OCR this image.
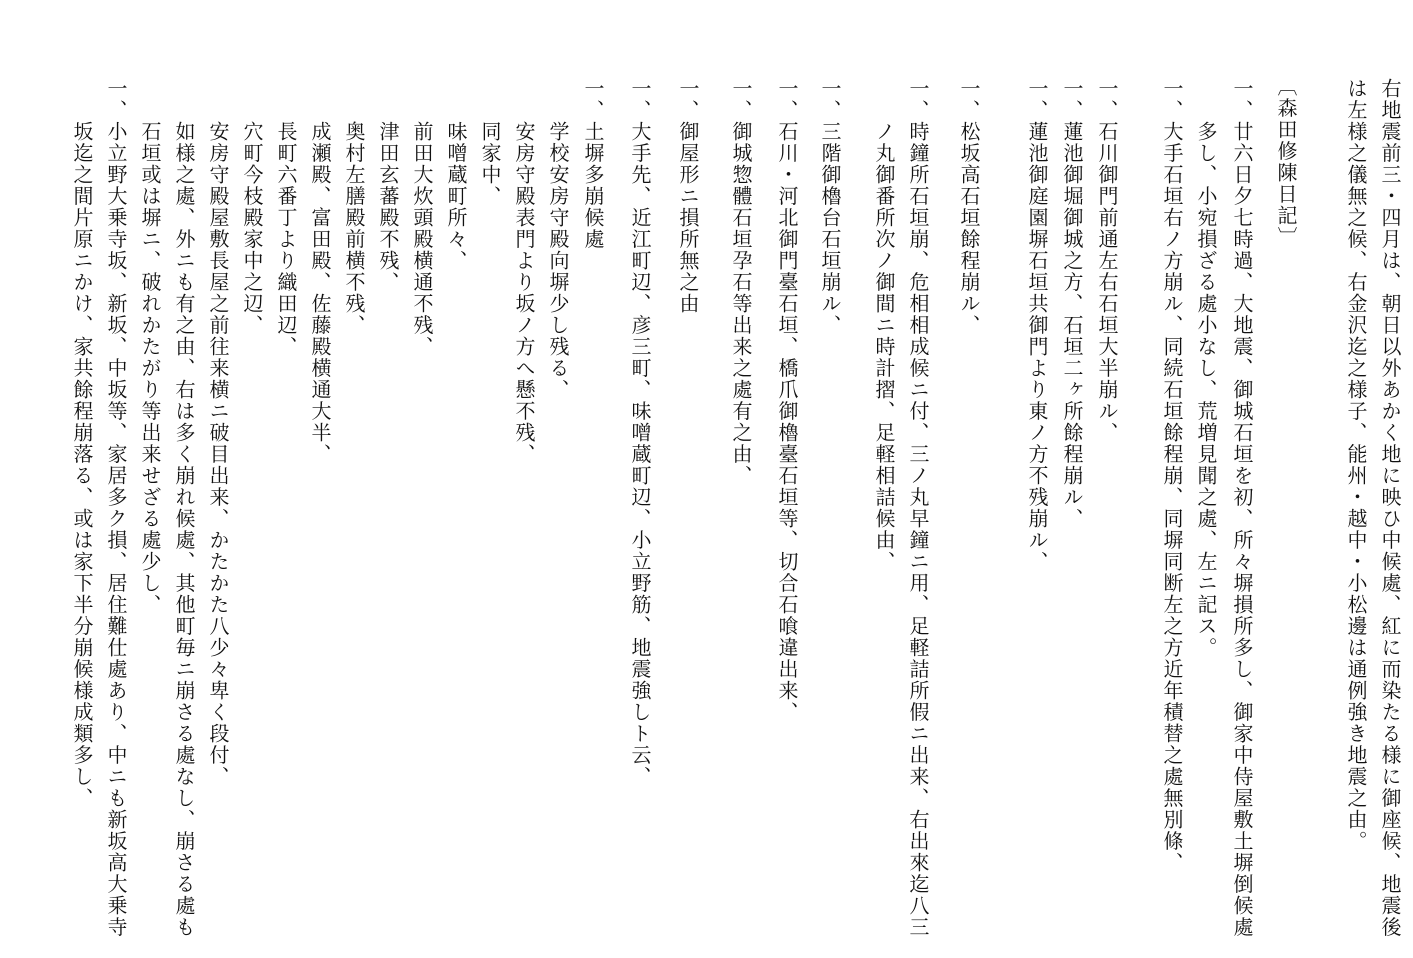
右地震前三・四月は、朝日以外あかく地に映ひ中候處、紅に而染たる様に御座候、地震後
は左様之儀無之候、右金沢迄之様子、能州・越中・小松邊は通例強き地震之由。
〔森田修陳日記〕
一、廿六日夕七時過、大地震、御城石垣を初、所々塀損所多し、御家中侍屋敷土塀倒候處
　　多し、小宛損ざる處小なし、荒増見聞之處、左ニ記ス。
一、大手石垣右ノ方崩ル、同続石垣餘程崩、同塀同断左之方近年積替之處無別條、
一、石川御門前通左右石垣大半崩ル、
一、蓮池御堀御城之方、石垣二ヶ所餘程崩ル、
一、蓮池御庭園塀石垣共御門より東ノ方不残崩ル、
一、松坂高石垣餘程崩ル、
一、時鐘所石垣崩、危相相成候ニ付、三ノ丸早鐘ニ用、足軽詰所假ニ出来、右出來迄八三
　　ノ丸御番所次ノ御間ニ時計摺、足軽相詰候由、
一、三階御櫓台石垣崩ル、
一、石川・河北御門臺石垣、橋爪御櫓臺石垣等、切合石喰違出来、
一、御城惣體石垣孕石等出来之處有之由、
一、御屋形ニ損所無之由
一、大手先、近江町辺、彦三町、味噌蔵町辺、小立野筋、地震強しト云、
一、土塀多崩候處
　　学校安房守殿向塀少し残る、
　　安房守殿表門より坂ノ方へ懸不残、
　　同家中、
　　味噌蔵町所々、
　　前田大炊頭殿横通不残、
　　津田玄蕃殿不残、
　　奥村左膳殿前横不残、
　　成瀬殿、富田殿、佐藤殿横通大半、
　　長町六番丁より織田辺、
　　穴町今枝殿家中之辺、
　　安房守殿屋敷長屋之前往来横ニ破目出来、かたかた八少々卑く段付、
　　如様之處、外ニも有之由、右は多く崩れ候處、其他町毎ニ崩さる處なし、崩さる處も
　　石垣或は塀ニ、破れかたがり等出来せざる處少し、
一、小立野大乗寺坂、新坂、中坂等、家居多ク損、居住難仕處あり、中ニも新坂高大乗寺
　　坂迄之間片原ニかけ、家共餘程崩落る、或は家下半分崩候様成類多し、
